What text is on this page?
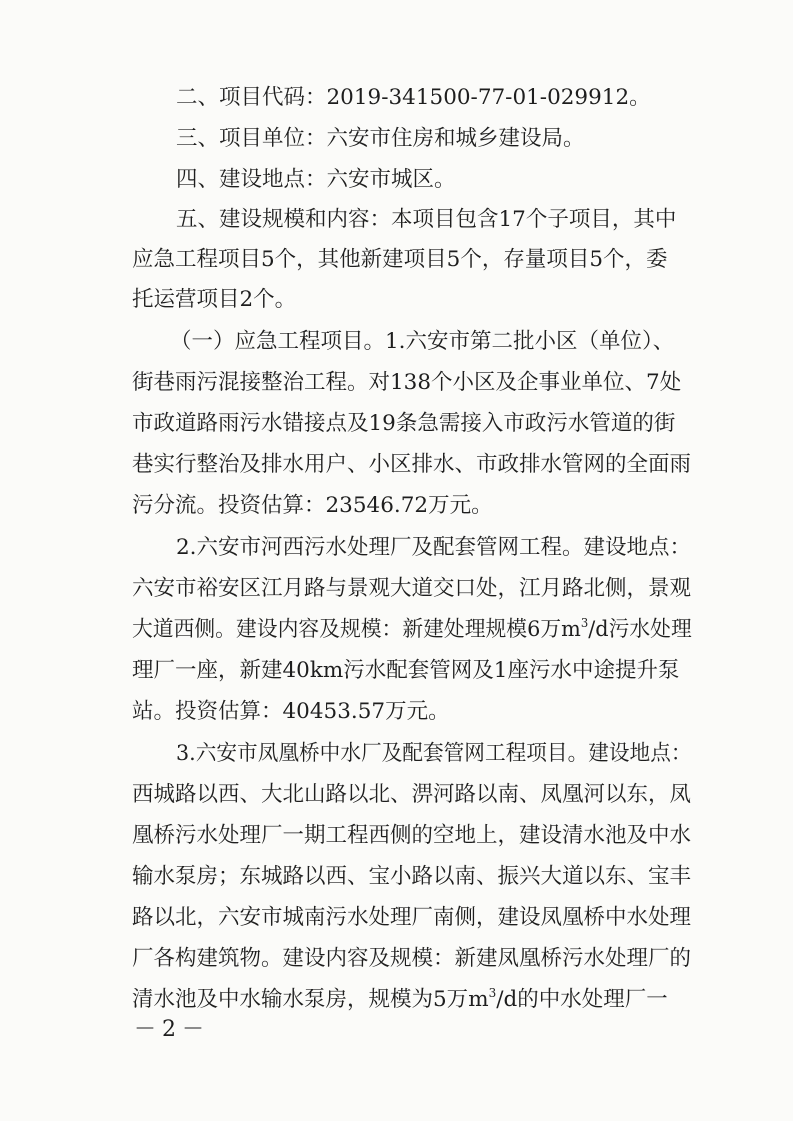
二、项目代码：2019-341500-77-01-029912。
三、项目单位：六安市住房和城乡建设局。
四、建设地点：六安市城区。
五、建设规模和内容：本项目包含17个子项目，其中
应急工程项目5个，其他新建项目5个，存量项目5个，委
托运营项目2个。
（一）应急工程项目。1.六安市第二批小区（单位）、
街巷雨污混接整治工程。对138个小区及企事业单位、7处
市政道路雨污水错接点及19条急需接入市政污水管道的街
巷实行整治及排水用户、小区排水、市政排水管网的全面雨
污分流。投资估算：23546.72万元。
2.六安市河西污水处理厂及配套管网工程。建设地点：
六安市裕安区江月路与景观大道交口处，江月路北侧，景观
大道西侧。建设内容及规模：新建处理规模6万$m^3/d$污水处理
理厂一座，新建40km污水配套管网及1座污水中途提升泵
站。投资估算：40453.57万元。
3.六安市凤凰桥中水厂及配套管网工程项目。建设地点：
西城路以西、大北山路以北、淠河路以南、凤凰河以东，凤
凰桥污水处理厂一期工程西侧的空地上，建设清水池及中水
输水泵房；东城路以西、宝小路以南、振兴大道以东、宝丰
路以北，六安市城南污水处理厂南侧，建设凤凰桥中水处理
厂各构建筑物。建设内容及规模：新建凤凰桥污水处理厂的
清水池及中水输水泵房，规模为5万$m^3/d$的中水处理厂一
－2－
